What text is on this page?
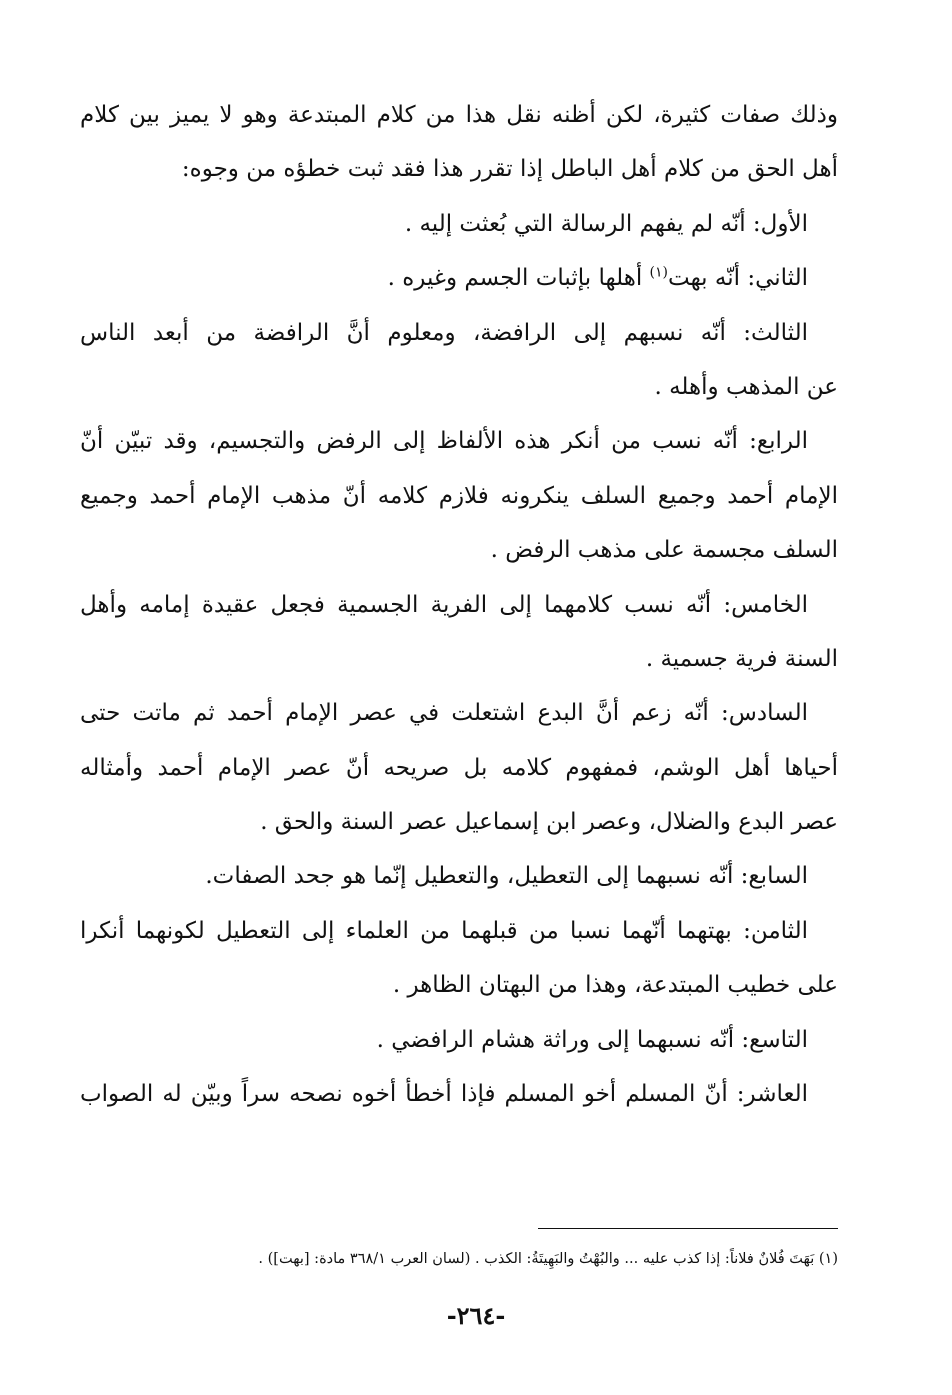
وذلك صفات كثيرة، لكن أظنه نقل هذا من كلام المبتدعة وهو لا يميز بين كلام
أهل الحق من كلام أهل الباطل إذا تقرر هذا فقد ثبت خطؤه من وجوه:
الأول: أنّه لم يفهم الرسالة التي بُعثت إليه .
الثاني: أنّه بهت$^{(١)}$ أهلها بإثبات الجسم وغيره .
الثالث: أنّه نسبهم إلى الرافضة، ومعلوم أنَّ الرافضة من أبعد الناس
عن المذهب وأهله .
الرابع: أنّه نسب من أنكر هذه الألفاظ إلى الرفض والتجسيم، وقد تبيّن أنّ
الإمام أحمد وجميع السلف ينكرونه فلازم كلامه أنّ مذهب الإمام أحمد وجميع
السلف مجسمة على مذهب الرفض .
الخامس: أنّه نسب كلامهما إلى الفرية الجسمية فجعل عقيدة إمامه وأهل
السنة فرية جسمية .
السادس: أنّه زعم أنَّ البدع اشتعلت في عصر الإمام أحمد ثم ماتت حتى
أحياها أهل الوشم، فمفهوم كلامه بل صريحه أنّ عصر الإمام أحمد وأمثاله
عصر البدع والضلال، وعصر ابن إسماعيل عصر السنة والحق .
السابع: أنّه نسبهما إلى التعطيل، والتعطيل إنّما هو جحد الصفات.
الثامن: بهتهما أنّهما نسبا من قبلهما من العلماء إلى التعطيل لكونهما أنكرا
على خطيب المبتدعة، وهذا من البهتان الظاهر .
التاسع: أنّه نسبهما إلى وراثة هشام الرافضي .
العاشر: أنّ المسلم أخو المسلم فإذا أخطأ أخوه نصحه سراً وبيّن له الصواب
(١) بَهَتَ فُلانٌ فلاناً: إذا كذب عليه ... والبُهْتُ والبَهِيتَةُ: الكذب . (لسان العرب ٣٦٨/١ مادة: [بهت]) .
-٢٦٤-
